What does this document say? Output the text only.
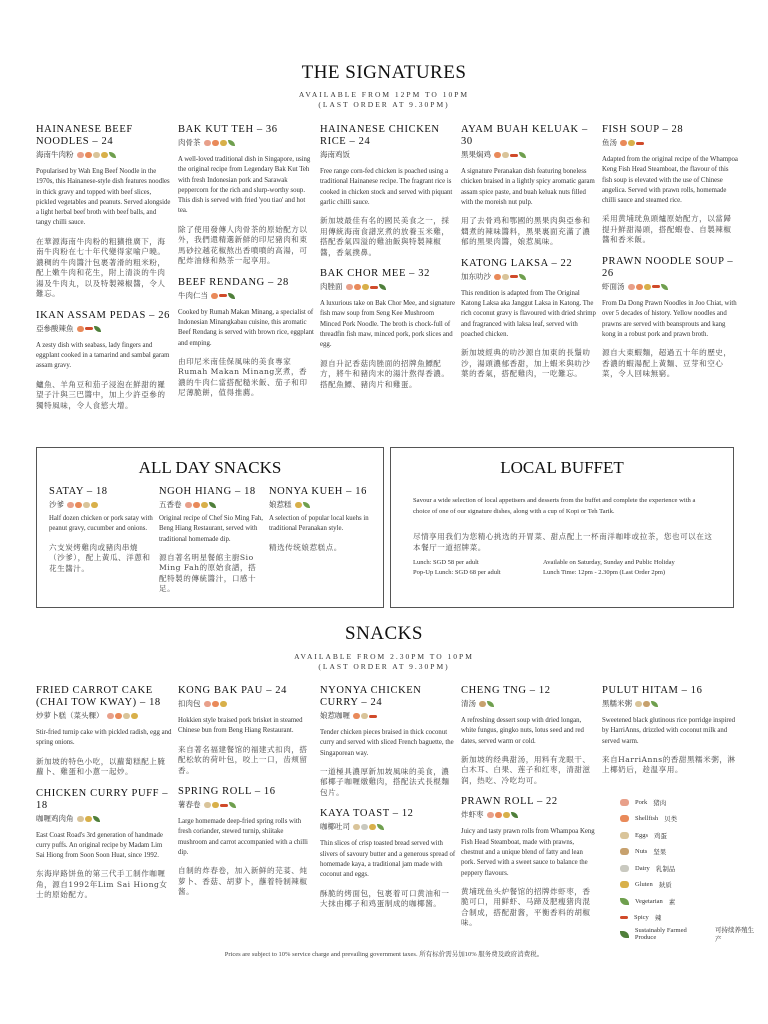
THE SIGNATURES
AVAILABLE FROM 12PM TO 10PM
(LAST ORDER AT 9.30PM)
HAINANESE BEEF NOODLES – 24
海南牛肉粉
Popularised by Wah Eng Beef Noodle in the 1970s, this Hainanese-style dish features noodles in thick gravy and topped with beef slices, pickled vegetables and peanuts. Served alongside a light herbal beef broth with beef balls, and tangy chilli sauce.
在華源海南牛肉粉的粗獷推廣下，海南牛肉粉在七十年代變得家喻户曉。濃稠的牛肉醬汁包裹著滑的粗米粉，配上嫩牛肉和花生，附上清淡的牛肉湯及牛肉丸，以及特製辣椒醬，令人難忘。
IKAN ASSAM PEDAS – 26
亞參酸辣魚
A zesty dish with seabass, lady fingers and eggplant cooked in a tamarind and sambal garam assam gravy.
鱸魚、羊角豆和茄子浸泡在鮮甜的羅望子汁與三巴醬中，加上少許亞參的獨特風味，令人食慾大增。
BAK KUT TEH – 36
肉骨茶
A well-loved traditional dish in Singapore, using the original recipe from Legendary Bak Kut Teh with fresh Indonesian pork and Sarawak peppercorn for the rich and slurp-worthy soup. This dish is served with fried 'you tiao' and hot tea.
除了使用發傳人肉骨茶的原始配方以外，我們還精選新鮮的印尼豬肉和東馬砂拉越花椒熬出香噴噴的高湯，可配炸油條和熱茶一起享用。
BEEF RENDANG – 28
牛肉仁当
Cooked by Rumah Makan Minang, a specialist of Indonesian Minangkabau cuisine, this aromatic Beef Rendang is served with brown rice, eggplant and emping.
由印尼米南佳保風味的美食專家Rumah Makan Minang烹煮，香濃的牛肉仁當搭配糙米飯、茄子和印尼薄脆餅，值得推薦。
HAINANESE CHICKEN RICE – 24
海南鸡饭
Free range corn-fed chicken is poached using a traditional Hainanese recipe. The fragrant rice is cooked in chicken stock and served with piquant garlic chilli sauce.
新加坡最佳有名的國民美食之一，採用傳統海南食譜烹煮的放養玉米雞，搭配香氣四溢的雞油飯與特製辣椒醬，香氣撲鼻。
BAK CHOR MEE – 32
肉脞面
A luxurious take on Bak Chor Mee, and signature fish maw soup from Seng Kee Mushroom Minced Pork Noodle. The broth is chock-full of threadfin fish maw, minced pork, pork slices and egg.
源自升記香菇肉脞面的招牌魚鰾配方，將牛和豬肉末的湯汁熬得香濃。搭配魚鰾、豬肉片和雞蛋。
AYAM BUAH KELUAK – 30
黑果焖鸡
A signature Peranakan dish featuring boneless chicken braised in a lightly spicy aromatic garam assam spice paste, and buah keluak nuts filled with the moreish nut pulp.
用了去骨鸡和鄂國的黑果肉與亞參和燜煮的辣味醬料，黑果裏面充滿了濃郁的黑果肉醬，娘惹風味。
KATONG LAKSA – 22
加东叻沙
This rendition is adapted from The Original Katong Laksa aka Janggut Laksa in Katong. The rich coconut gravy is flavoured with dried shrimp and fragranced with laksa leaf, served with poached chicken.
新加坡經典的叻沙源自加東的長鬚叻沙，湯頭濃郁香甜，加上蝦米與叻沙葉的香氣，搭配雞肉，一吃難忘。
FISH SOUP – 28
鱼汤
Adapted from the original recipe of the Whampoa Keng Fish Head Steamboat, the flavour of this fish soup is elevated with the use of Chinese angelica. Served with prawn rolls, homemade chilli sauce and steamed rice.
采用黄埔珖魚頭爐原始配方，以當歸提升鮮甜湯頭，搭配蝦卷、自製辣椒醬和香米飯。
PRAWN NOODLE SOUP – 26
虾面汤
From Da Dong Prawn Noodles in Joo Chiat, with over 5 decades of history. Yellow noodles and prawns are served with beansprouts and kang kong in a robust pork and prawn broth.
源自大東蝦麵，超過五十年的歷史，香濃的蝦湯配上黃麵、豆芽和空心菜，令人回味無窮。
ALL DAY SNACKS
SATAY – 18
沙爹
Half dozen chicken or pork satay with peanut gravy, cucumber and onions.
六支炭烤雞肉或豬肉串燒（沙爹），配上黃瓜、洋蔥和花生醬汁。
NGOH HIANG – 18
五香卷
Original recipe of Chef Sio Ming Fah, Beng Hiang Restaurant, served with traditional homemade dip.
源自著名明星餐館主廚Sio Ming Fah的原始食譜，搭配特製的傳統醬汁，口感十足。
NONYA KUEH – 16
娘惹糕
A selection of popular local kuehs in traditional Peranakan style.
精选传统娘惹糕点。
LOCAL BUFFET
Savour a wide selection of local appetisers and desserts from the buffet and complete the experience with a choice of one of our signature dishes, along with a cup of Kopi or Teh Tarik.
尽情享用我们为您精心挑选的开胃菜、甜点配上一杯南洋咖啡或拉茶，您也可以在这本餐厅一道招牌菜。
Lunch: SGD 58 per adult
Pop-Up Lunch: SGD 68 per adult
Available on Saturday, Sunday and Public Holiday
Lunch Time: 12pm - 2.30pm (Last Order 2pm)
SNACKS
AVAILABLE FROM 2.30PM TO 10PM
(LAST ORDER AT 9.30PM)
FRIED CARROT CAKE (CHAI TOW KWAY) – 18
炒萝卜糕（菜头粿）
Stir-fried turnip cake with pickled radish, egg and spring onions.
新加坡的特色小吃，以蘿蔔糕配上腌蘿卜、雞蛋和小蔥一起炒。
CHICKEN CURRY PUFF – 18
咖喱鸡肉角
East Coast Road's 3rd generation of handmade curry puffs. An original recipe by Madam Lim Sai Hiong from Soon Soon Huat, since 1992.
东海岸路饼鱼的第三代手工制作咖喱角，源自1992年Lim Sai Hiong女士的原始配方。
KONG BAK PAU – 24
扣肉包
Hokkien style braised pork brisket in steamed Chinese bun from Beng Hiang Restaurant.
来自著名福建餐馆的福建式扣肉，搭配松软的荷叶包，咬上一口，齿颊留香。
SPRING ROLL – 16
薯春卷
Large homemade deep-fried spring rolls with fresh coriander, stewed turnip, shiitake mushroom and carrot accompanied with a chilli dip.
自制的炸春卷，加入新鲜的芫荽、炖萝卜、香菇、胡萝卜，蘸着特制辣椒酱。
NYONYA CHICKEN CURRY – 24
娘惹咖喱
Tender chicken pieces braised in thick coconut curry and served with sliced French baguette, the Singaporean way.
一道極具濃厚新加坡風味的美食，濃郁椰子咖喱燉雞肉，搭配法式長棍麵包片。
KAYA TOAST – 12
咖椰吐司
Thin slices of crisp toasted bread served with slivers of savoury butter and a generous spread of homemade kaya, a traditional jam made with coconut and eggs.
酥脆的烤面包，包裹着可口黄油和一大抹由椰子和鸡蛋制成的咖椰酱。
CHENG TNG – 12
清汤
A refreshing dessert soup with dried longan, white fungus, gingko nuts, lotus seed and red dates, served warm or cold.
新加坡的经典甜汤，用料有龙眼干、白木耳、白果、莲子和红枣，清甜滋润，热吃、冷吃均可。
PRAWN ROLL – 22
炸虾枣
Juicy and tasty prawn rolls from Whampoa Keng Fish Head Steamboat, made with prawns, chestnut and a unique blend of fatty and lean pork. Served with a sweet sauce to balance the peppery flavours.
黄埔珖鱼头炉餐馆的招牌炸虾枣，香脆可口，用鲜虾、马蹄及肥瘦猪肉混合制成，搭配甜酱，平衡香料的胡椒味。
PULUT HITAM – 16
黑糯米粥
Sweetened black glutinous rice porridge inspired by HarriAnns, drizzled with coconut milk and served warm.
来自HarriAnns的香甜黑糯米粥，淋上椰奶后，趁温享用。
Pork 猪肉
Shellfish 贝类
Eggs 鸡蛋
Nuts 坚果
Dairy 乳制品
Gluten 麸质
Vegetarian 素
Spicy 辣
Sustainably Farmed Produce
可持续养殖生产
Prices are subject to 10% service charge and prevailing government taxes. 所有标价需另加10% 服务费及政府消费税。
